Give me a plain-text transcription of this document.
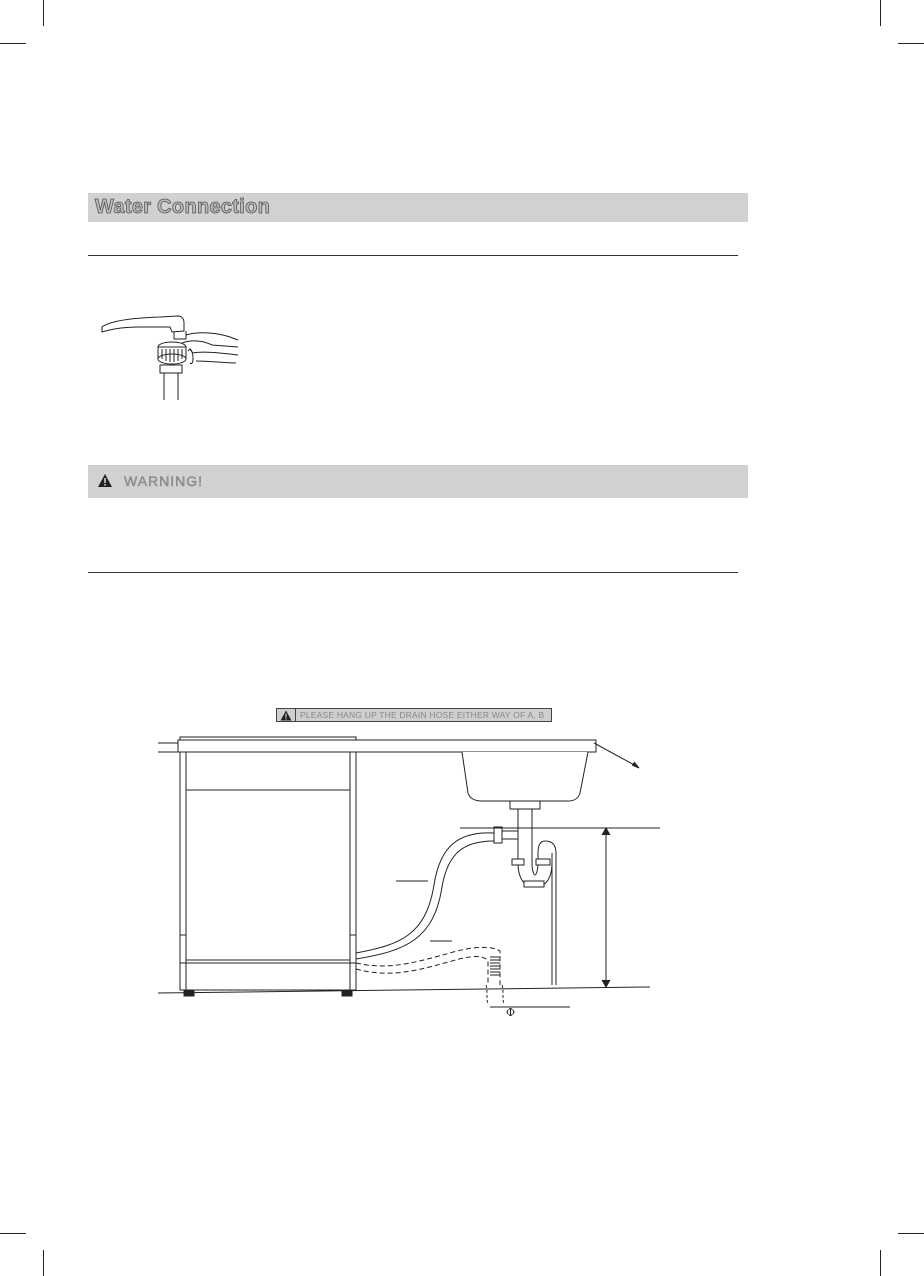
Water Connection
WARNING!
PLEASE HANG UP THE DRAIN HOSE EITHER WAY OF A, B
Φ
